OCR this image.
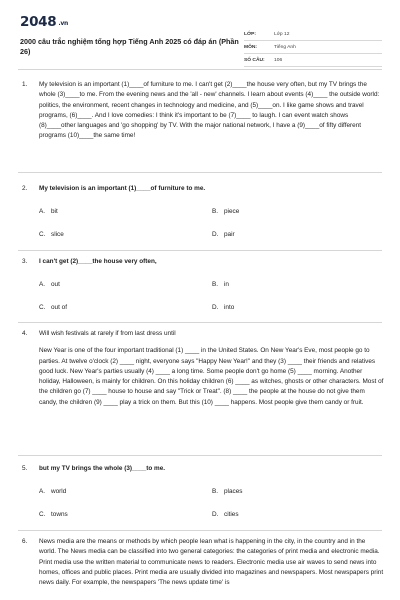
2048 .vn
2000 câu trắc nghiệm tổng hợp Tiếng Anh 2025 có đáp án (Phần 26)
LỚP:	Lớp 12
MÔN:	Tiếng Anh
SỐ CÂU:	106
1.	My television is an important (1)____of furniture to me. I can't get (2)____the house very often, but my TV brings the whole (3)____to me. From the evening news and the 'all - new' channels. I learn about events (4)____ the outside world: politics, the environment, recent changes in technology and medicine, and (5)____on. I like game shows and travel programs, (6)____. And I love comedies: I think it's important to be (7)____ to laugh. I can event watch shows (8)____other languages and 'go shopping' by TV. With the major national network, I have a (9)____of fifty different programs (10)____the same time!

2.	My television is an important (1)____of furniture to me.
A. bit	B. piece
C. slice	D. pair
3.	I can't get (2)____the house very often,
A. out	B. in
C. out of	D. into
4.	Will wish festivals at rarely if from last dress until

New Year is one of the four important traditional (1) ____ in the United States. On New Year's Eve, most people go to parties. At twelve o'clock (2) ____ night, everyone says "Happy New Year!" and they (3) ____ their friends and relatives good luck. New Year's parties usually (4) ____ a long time. Some people don't go home (5) ____ morning. Another holiday, Halloween, is mainly for children. On this holiday children (6) ____ as witches, ghosts or other characters. Most of the children go (7) ____ house to house and say "Trick or Treat". (8) ____ the people at the house do not give them candy, the children (9) ____ play a trick on them. But this (10) ____ happens. Most people give them candy or fruit.

5.	but my TV brings the whole (3)____to me.
A. world	B. places
C. towns	D. cities
6.	News media are the means or methods by which people lean what is happening in the city, in the country and in the world. The News media can be classified into two general categories: the categories of print media and electronic media. Print media use the written material to communicate news to readers. Electronic media use air waves to send news into homes, offices and public places. Print media are usually divided into magazines and newspapers. Most newspapers print news daily. For example, the newspapers 'The news update time' is
